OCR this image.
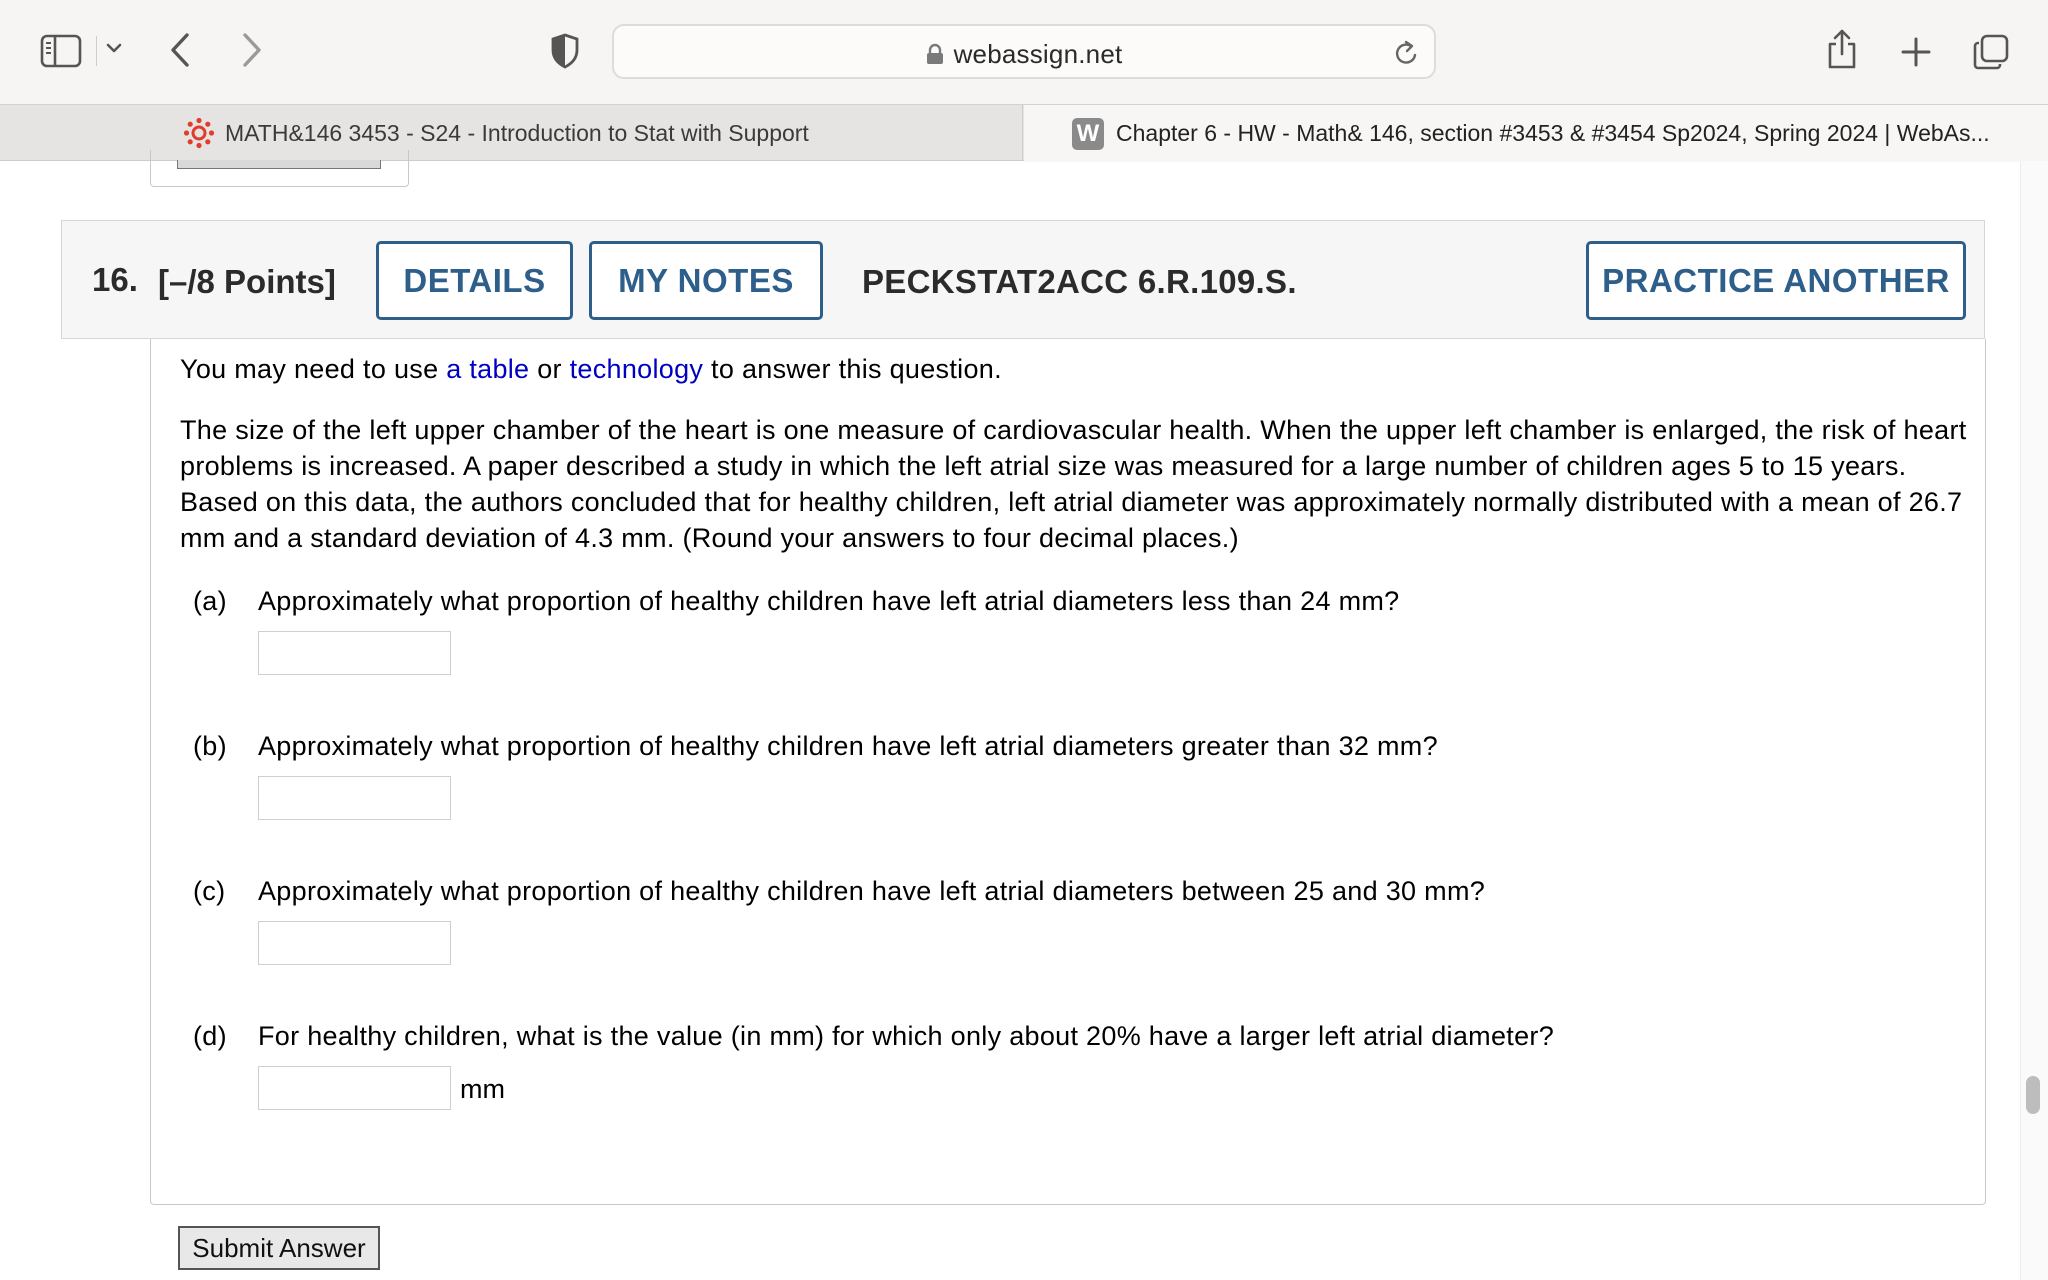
webassign.net
MATH&146 3453 - S24 - Introduction to Stat with Support	W Chapter 6 - HW - Math& 146, section #3453 & #3454 Sp2024, Spring 2024 | WebAs...
16. [–/8 Points]	DETAILS	MY NOTES	PECKSTAT2ACC 6.R.109.S.	PRACTICE ANOTHER
You may need to use a table or technology to answer this question.
The size of the left upper chamber of the heart is one measure of cardiovascular health. When the upper left chamber is enlarged, the risk of heart problems is increased. A paper described a study in which the left atrial size was measured for a large number of children ages 5 to 15 years. Based on this data, the authors concluded that for healthy children, left atrial diameter was approximately normally distributed with a mean of 26.7 mm and a standard deviation of 4.3 mm. (Round your answers to four decimal places.)
(a) Approximately what proportion of healthy children have left atrial diameters less than 24 mm?
(b) Approximately what proportion of healthy children have left atrial diameters greater than 32 mm?
(c) Approximately what proportion of healthy children have left atrial diameters between 25 and 30 mm?
(d) For healthy children, what is the value (in mm) for which only about 20% have a larger left atrial diameter?
mm
Submit Answer
